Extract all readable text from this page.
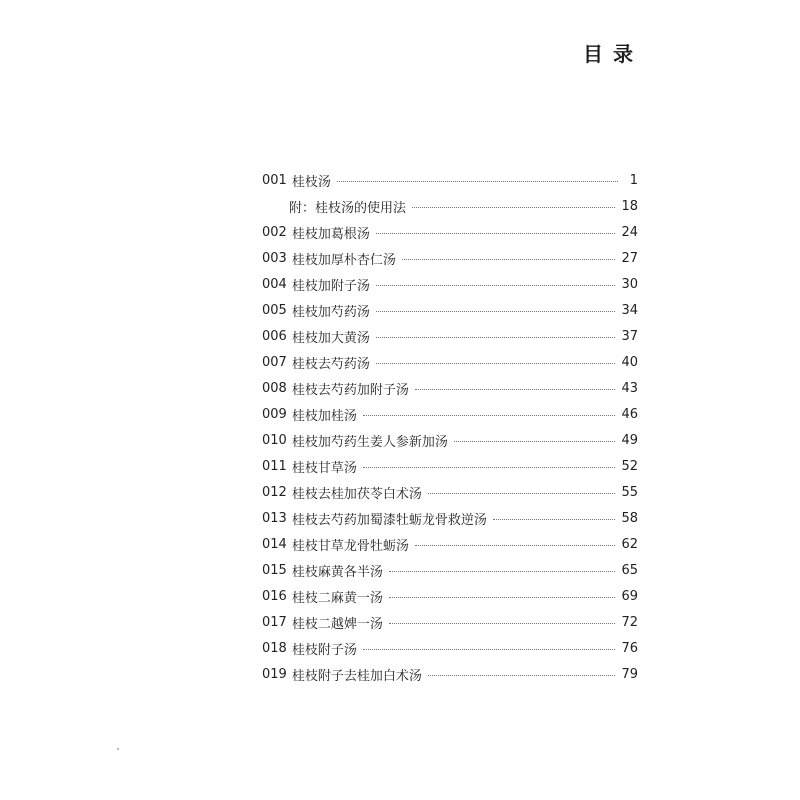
目录
001 桂枝汤	1
附：桂枝汤的使用法	18
002 桂枝加葛根汤	24
003 桂枝加厚朴杏仁汤	27
004 桂枝加附子汤	30
005 桂枝加芍药汤	34
006 桂枝加大黄汤	37
007 桂枝去芍药汤	40
008 桂枝去芍药加附子汤	43
009 桂枝加桂汤	46
010 桂枝加芍药生姜人参新加汤	49
011 桂枝甘草汤	52
012 桂枝去桂加茯苓白术汤	55
013 桂枝去芍药加蜀漆牡蛎龙骨救逆汤	58
014 桂枝甘草龙骨牡蛎汤	62
015 桂枝麻黄各半汤	65
016 桂枝二麻黄一汤	69
017 桂枝二越婢一汤	72
018 桂枝附子汤	76
019 桂枝附子去桂加白术汤	79
